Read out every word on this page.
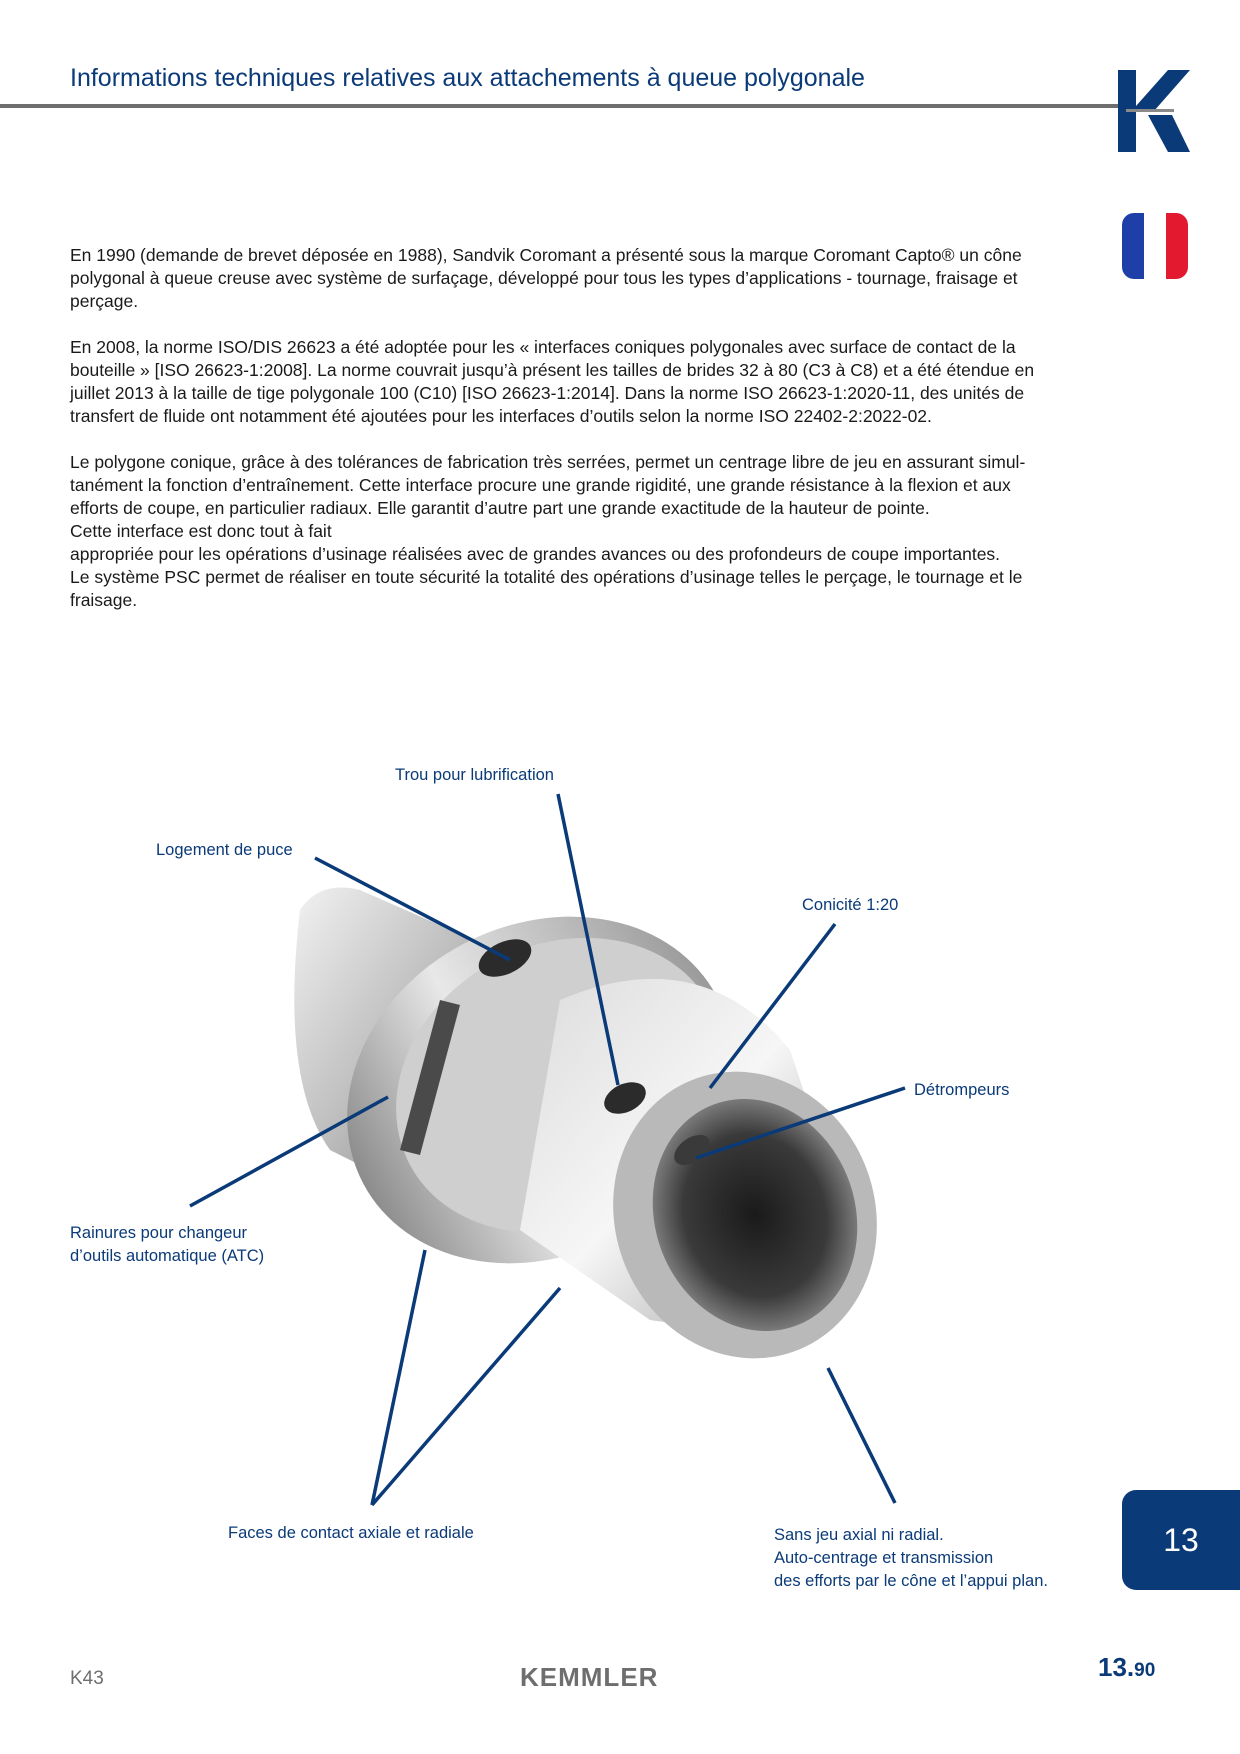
Informations techniques relatives aux attachements à queue polygonale

En 1990 (demande de brevet déposée en 1988), Sandvik Coromant a présenté sous la marque Coromant Capto® un cône
polygonal à queue creuse avec système de surfaçage, développé pour tous les types d’applications - tournage, fraisage et
perçage.

En 2008, la norme ISO/DIS 26623 a été adoptée pour les « interfaces coniques polygonales avec surface de contact de la
bouteille » [ISO 26623-1:2008]. La norme couvrait jusqu’à présent les tailles de brides 32 à 80 (C3 à C8) et a été étendue en
juillet 2013 à la taille de tige polygonale 100 (C10) [ISO 26623-1:2014]. Dans la norme ISO 26623-1:2020-11, des unités de
transfert de fluide ont notamment été ajoutées pour les interfaces d’outils selon la norme ISO 22402-2:2022-02.

Le polygone conique, grâce à des tolérances de fabrication très serrées, permet un centrage libre de jeu en assurant simul-
tanément la fonction d’entraînement. Cette interface procure une grande rigidité, une grande résistance à la flexion et aux
efforts de coupe, en particulier radiaux. Elle garantit d’autre part une grande exactitude de la hauteur de pointe.
Cette interface est donc tout à fait
appropriée pour les opérations d’usinage réalisées avec de grandes avances ou des profondeurs de coupe importantes.
Le système PSC permet de réaliser en toute sécurité la totalité des opérations d’usinage telles le perçage, le tournage et le
fraisage.

Trou pour lubrification
Logement de puce
Conicité 1:20
Détrompeurs
Rainures pour changeur
d’outils automatique (ATC)
Faces de contact axiale et radiale	Sans jeu axial ni radial.
Auto-centrage et transmission
des efforts par le cône et l’appui plan.
13
K43	KEMMLER	13.90
